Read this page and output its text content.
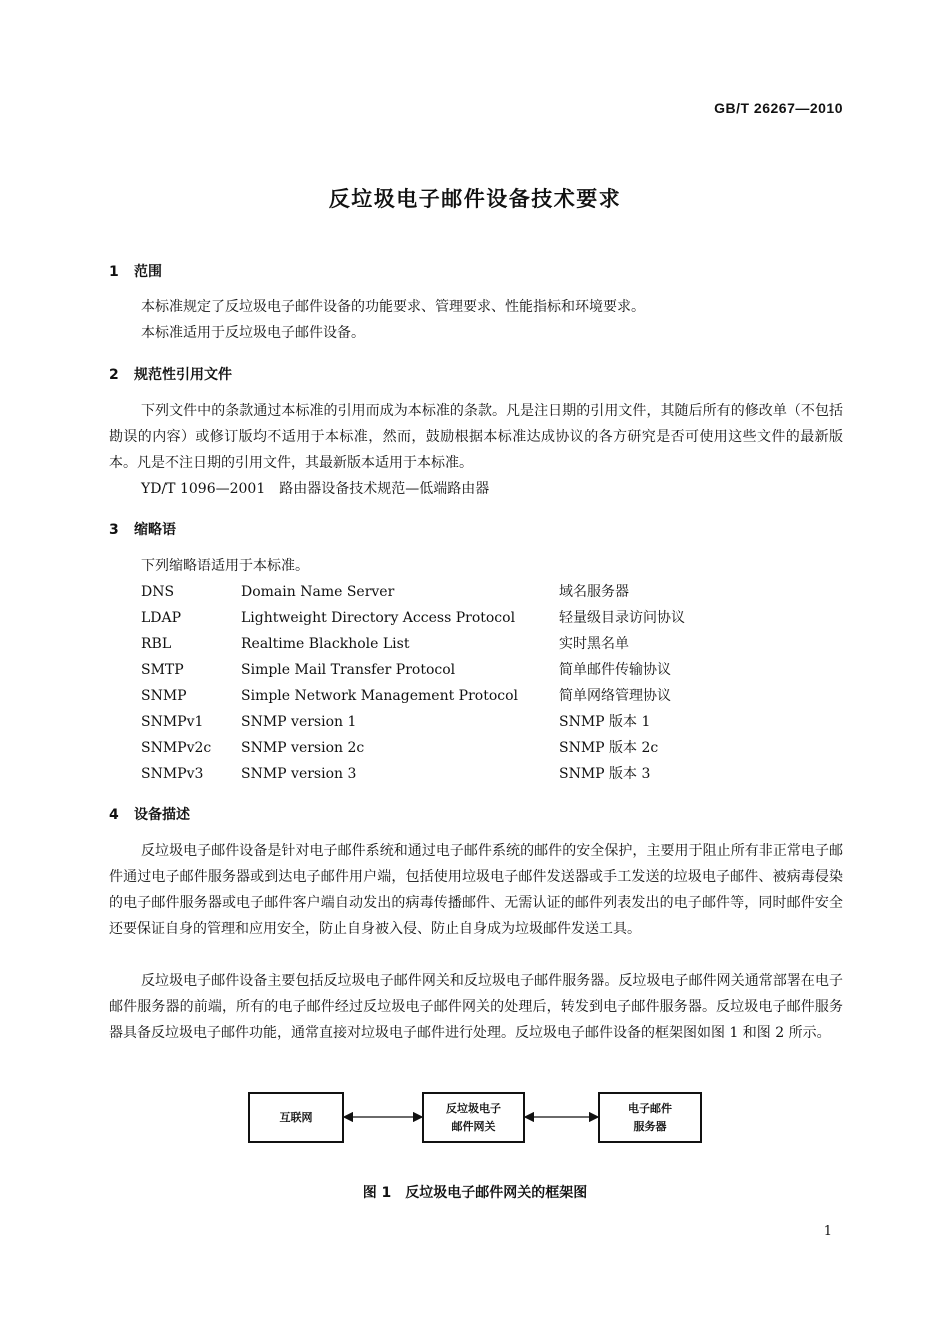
GB/T 26267—2010
反垃圾电子邮件设备技术要求
1 范围
本标准规定了反垃圾电子邮件设备的功能要求、管理要求、性能指标和环境要求。
本标准适用于反垃圾电子邮件设备。
2 规范性引用文件

下列文件中的条款通过本标准的引用而成为本标准的条款。凡是注日期的引用文件，其随后所有的修改单（不包括勘误的内容）或修订版均不适用于本标准，然而，鼓励根据本标准达成协议的各方研究是否可使用这些文件的最新版本。凡是不注日期的引用文件，其最新版本适用于本标准。

YD/T 1096—2001　路由器设备技术规范—低端路由器
3 缩略语
下列缩略语适用于本标准。
DNS	Domain Name Server	域名服务器
LDAP	Lightweight Directory Access Protocol	轻量级目录访问协议
RBL	Realtime Blackhole List	实时黑名单
SMTP	Simple Mail Transfer Protocol	简单邮件传输协议
SNMP	Simple Network Management Protocol	简单网络管理协议
SNMPv1	SNMP version 1	SNMP 版本 1
SNMPv2c SNMP version 2c	SNMP 版本 2c
SNMPv3	SNMP version 3	SNMP 版本 3
4 设备描述

反垃圾电子邮件设备是针对电子邮件系统和通过电子邮件系统的邮件的安全保护，主要用于阻止所有非正常电子邮件通过电子邮件服务器或到达电子邮件用户端，包括使用垃圾电子邮件发送器或手工发送的垃圾电子邮件、被病毒侵染的电子邮件服务器或电子邮件客户端自动发出的病毒传播邮件、无需认证的邮件列表发出的电子邮件等，同时邮件安全还要保证自身的管理和应用安全，防止自身被入侵、防止自身成为垃圾邮件发送工具。

反垃圾电子邮件设备主要包括反垃圾电子邮件网关和反垃圾电子邮件服务器。反垃圾电子邮件网关通常部署在电子邮件服务器的前端，所有的电子邮件经过反垃圾电子邮件网关的处理后，转发到电子邮件服务器。反垃圾电子邮件服务器具备反垃圾电子邮件功能，通常直接对垃圾电子邮件进行处理。反垃圾电子邮件设备的框架图如图 1 和图 2 所示。

互联网
反垃圾电子
邮件网关
电子邮件
服务器
图 1　反垃圾电子邮件网关的框架图
1
